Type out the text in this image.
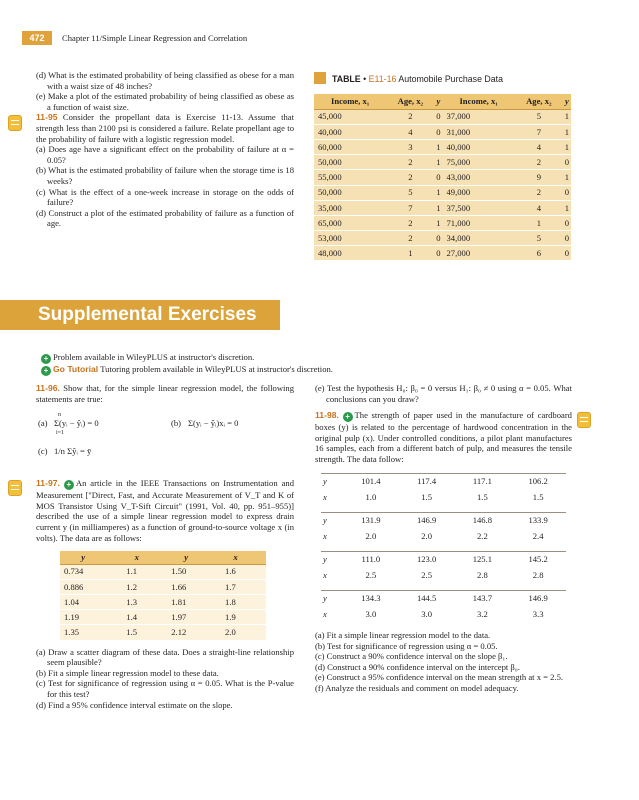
472	Chapter 11/Simple Linear Regression and Correlation

(d) What is the estimated probability of being classified as obese for a man with a waist size of 48 inches?

(e) Make a plot of the estimated probability of being classified as obese as a function of waist size.

11-95 Consider the propellant data is Exercise 11-13. Assume that strength less than 2100 psi is considered a failure. Relate propellant age to the probability of failure with a logistic regression model.

(a) Does age have a significant effect on the probability of failure at α = 0.05?

(b) What is the estimated probability of failure when the storage time is 18 weeks?

(c) What is the effect of a one-week increase in storage on the odds of failure?

(d) Construct a plot of the estimated probability of failure as a function of age.

TABLE • E11-16 Automobile Purchase Data
Income, x₁	Age, x₂	y	Income, x₁	Age, x₂	y
45,000	2	0	37,000	5	1
40,000	4	0	31,000	7	1
60,000	3	1	40,000	4	1
50,000	2	1	75,000	2	0
55,000	2	0	43,000	9	1
50,000	5	1	49,000	2	0
35,000	7	1	37,500	4	1
65,000	2	1	71,000	1	0
53,000	2	0	34,000	5	0
48,000	1	0	27,000	6	0
Supplemental Exercises
+ Problem available in WileyPLUS at instructor's discretion.
+ Go Tutorial Tutoring problem available in WileyPLUS at instructor's discretion.

11-96. Show that, for the simple linear regression model, the following statements are true:

(a)
n
Σ(yᵢ − ŷᵢ) = 0
i=1
(b) Σ(yᵢ − ŷᵢ)xᵢ = 0
(c) 1/n Σŷᵢ = ȳ

11-97. + An article in the IEEE Transactions on Instrumentation and Measurement ["Direct, Fast, and Accurate Measurement of V_T and K of MOS Transistor Using V_T-Sift Circuit" (1991, Vol. 40, pp. 951–955)] described the use of a simple linear regression model to express drain current y (in milliamperes) as a function of ground-to-source voltage x (in volts). The data are as follows:

y	x	y	x
0.734	1.1	1.50	1.6
0.886	1.2	1.66	1.7
1.04	1.3	1.81	1.8
1.19	1.4	1.97	1.9
1.35	1.5	2.12	2.0

(a) Draw a scatter diagram of these data. Does a straight-line relationship seem plausible?

(b) Fit a simple linear regression model to these data.

(c) Test for significance of regression using α = 0.05. What is the P-value for this test?

(d) Find a 95% confidence interval estimate on the slope.

(e) Test the hypothesis H₀: β₀ = 0 versus H₁: β₀ ≠ 0 using α = 0.05. What conclusions can you draw?

11-98. + The strength of paper used in the manufacture of cardboard boxes (y) is related to the percentage of hardwood concentration in the original pulp (x). Under controlled conditions, a pilot plant manufactures 16 samples, each from a different batch of pulp, and measures the tensile strength. The data follow:

y	101.4	117.4	117.1	106.2
x	1.0	1.5	1.5	1.5

y	131.9	146.9	146.8	133.9
x	2.0	2.0	2.2	2.4

y	111.0	123.0	125.1	145.2
x	2.5	2.5	2.8	2.8

y	134.3	144.5	143.7	146.9
x	3.0	3.0	3.2	3.3

(a) Fit a simple linear regression model to the data.

(b) Test for significance of regression using α = 0.05.

(c) Construct a 90% confidence interval on the slope β₁.

(d) Construct a 90% confidence interval on the intercept β₀.

(e) Construct a 95% confidence interval on the mean strength at x = 2.5.

(f) Analyze the residuals and comment on model adequacy.
